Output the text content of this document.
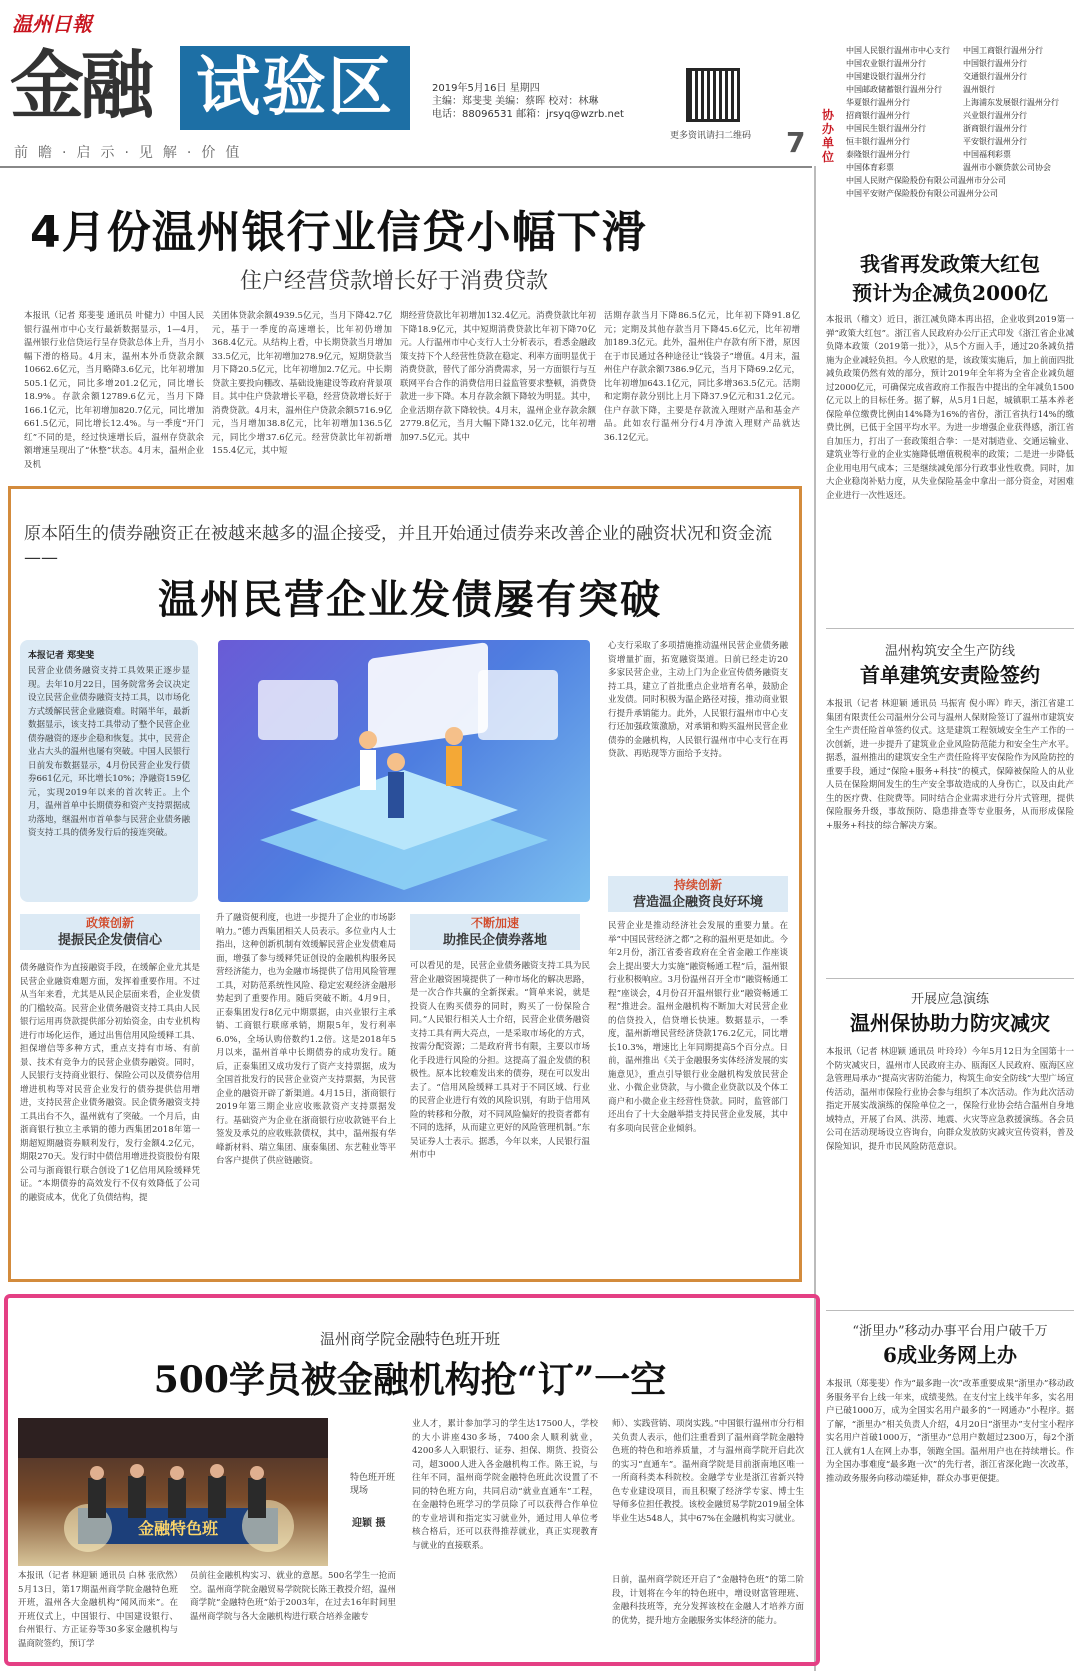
温州日報
金融 试验区
前瞻·启示·见解·价值
2019年5月16日 星期四
主编：郑斐斐 美编：蔡晖 校对：林琳
电话：88096531 邮箱：jrsyq@wzrb.net
更多资讯请扫二维码 7
协办单位
中国人民银行温州市中心支行	中国工商银行温州分行
中国农业银行温州分行	中国银行温州分行
中国建设银行温州分行	交通银行温州分行
中国邮政储蓄银行温州分行	温州银行
华夏银行温州分行	上海浦东发展银行温州分行
招商银行温州分行	兴业银行温州分行
中国民生银行温州分行	浙商银行温州分行
恒丰银行温州分行	平安银行温州分行
泰隆银行温州分行	中国福利彩票
中国体育彩票	温州市小额贷款公司协会
中国人民财产保险股份有限公司温州市分公司
中国平安财产保险股份有限公司温州分公司
4月份温州银行业信贷小幅下滑
住户经营贷款增长好于消费贷款
本报讯（记者 郑斐斐 通讯员 叶健力）中国人民银行温州市中心支行最新数据显示，1—4月，温州银行业信贷运行呈存贷款总体上升，当月小幅下滑的格局。4月末，温州本外币贷款余额10662.6亿元，当月略降3.6亿元，比年初增加505.1亿元，同比多增201.2亿元，同比增长18.9%。存款余额12789.6亿元，当月下降166.1亿元，比年初增加820.7亿元，同比增加661.5亿元，同比增长12.4%。与一季度“开门红”不同的是，经过快速增长后，温州存贷款余额增速呈现出了“休整”状态。4月末，温州企业及机
关团体贷款余额4939.5亿元，当月下降42.7亿元，基于一季度的高速增长，比年初仍增加368.4亿元。从结构上看，中长期贷款当月增加33.5亿元，比年初增加278.9亿元，短期贷款当月下降20.5亿元，比年初增加2.7亿元。中长期贷款主要投向棚改、基础设施建设等政府背景项目。其中住户贷款增长平稳，经营贷款增长好于消费贷款。4月末，温州住户贷款余额5716.9亿元，当月增加38.8亿元，比年初增加136.5亿元，同比少增37.6亿元。经营贷款比年初新增155.4亿元，其中短
期经营贷款比年初增加132.4亿元。消费贷款比年初下降18.9亿元，其中短期消费贷款比年初下降70亿元。人行温州市中心支行人士分析表示，看悉金融政策支持下个人经营性贷款在稳定、利率方面明显优于消费贷款，替代了部分消费需求，另一方面银行与互联网平台合作的消费信用日益监管要求整顿，消费贷款进一步下降。本月存款余额下降较为明显。其中，企业活期存款下降较快。4月末，温州企业存款余额2779.8亿元，当月大幅下降132.0亿元，比年初增加97.5亿元。其中
活期存款当月下降86.5亿元，比年初下降91.8亿元；定期及其他存款当月下降45.6亿元，比年初增加189.3亿元。此外，温州住户存款有所下滑，原因在于市民通过各种途径让“钱袋子”增值。4月末，温州住户存款余额7386.9亿元，当月下降69.2亿元，比年初增加643.1亿元，同比多增363.5亿元。活期和定期存款分别比上月下降37.9亿元和31.2亿元。住户存款下降，主要是存款流入理财产品和基金产品。此如农行温州分行4月净流入理财产品就达36.12亿元。
原本陌生的债券融资正在被越来越多的温企接受，并且开始通过债券来改善企业的融资状况和资金流——
温州民营企业发债屡有突破
本报记者 郑斐斐
民营企业债务融资支持工具效果正逐步显现。去年10月22日，国务院常务会议决定设立民营企业债券融资支持工具，以市场化方式缓解民营企业融资难。时隔半年，最新数据显示，该支持工具带动了整个民营企业债券融资的逐步企稳和恢复。其中，民营企业占大头的温州也屡有突破。中国人民银行日前发布数据显示，4月份民营企业发行债券661亿元，环比增长10%；净融资159亿元，实现2019年以来的首次转正。上个月，温州首单中长期债券和资产支持票据成功落地，继温州市首单参与民营企业债务融资支持工具的债务发行后的接连突破。
政策创新
提振民企发债信心
债务融资作为直接融资手段，在缓解企业尤其是民营企业融资难题方面，发挥着重要作用。不过从当年来看，尤其是从民企层面来看，企业发债的门槛较高。民营企业债务融资支持工具由人民银行运用再贷款提供部分初始资金，由专业机构进行市场化运作，通过出售信用风险缓释工具、担保增信等多种方式，重点支持有市场、有前景、技术有竞争力的民营企业债券融资。同时，人民银行支持商业银行、保险公司以及债券信用增进机构等对民营企业发行的债券提供信用增进，支持民营企业债务融资。民企债务融资支持工具出台不久，温州就有了突破。一个月后，由浙商银行独立主承销的德力西集团2018年第一期超短期融资券顺利发行，发行金额4.2亿元，期限270天。发行时中债信用增进投资股份有限公司与浙商银行联合创设了1亿信用风险缓释凭证。“本期债券的高效发行不仅有效降低了公司的融资成本，优化了负债结构，提
升了融资便利度，也进一步提升了企业的市场影响力。”德力西集团相关人员表示。多位业内人士指出，这种创新机制有效缓解民营企业发债难局面，增强了参与缓释凭证创设的金融机构服务民营经济能力，也为金融市场提供了信用风险管理工具，对防范系统性风险、稳定宏观经济金融形势起到了重要作用。随后突破不断。4月9日，正泰集团发行8亿元中期票据，由兴业银行主承销、工商银行联席承销，期限5年，发行利率6.0%，全场认购倍数约1.2倍。这是2018年5月以来，温州首单中长期债券的成功发行。随后，正泰集团又成功发行了资产支持票据，成为全国首批发行的民营企业资产支持票据，为民营企业的融资开辟了新渠道。4月15日，浙商银行2019年第三期企业应收账款资产支持票据发行。基础资产为企业在浙商银行应收款链平台上签发及承兑的应收账款债权，其中，温州报有华峰新材料、瑞立集团、康泰集团、东艺鞋业等平台客户提供了供应链融资。
不断加速
助推民企债券落地
可以看见的是，民营企业债务融资支持工具为民营企业融资困境提供了一种市场化的解决思路，是一次合作共赢的全新探索。“简单来说，就是投资人在购买债券的同时，购买了一份保险合同。”人民银行相关人士介绍，民营企业债务融资支持工具有两大亮点，一是采取市场化的方式，按需分配资源；二是政府背书有限，主要以市场化手段进行风险的分担。这提高了温企发债的积极性。原本比较难发出来的债券，现在可以发出去了。“信用风险缓释工具对于不同区域、行业的民营企业进行有效的风险识别，有助于信用风险的转移和分散，对不同风险偏好的投资者都有不同的选择，从而建立更好的风险管理机制。”东吴证券人士表示。据悉，今年以来，人民银行温州市中
心支行采取了多项措施推动温州民营企业债务融资增量扩面，拓宽融资渠道。日前已经走访20多家民营企业，主动上门为企业宣传债务融资支持工具，建立了首批重点企业培育名单，鼓励企业发债。同时积极为温企路径对接，推动商业银行提升承销能力。此外，人民银行温州市中心支行还加强政策激励，对承销和购买温州民营企业债券的金融机构，人民银行温州市中心支行在再贷款、再贴现等方面给予支持。
持续创新
营造温企融资良好环境
民营企业是推动经济社会发展的重要力量。在举“中国民营经济之都”之称的温州更是如此。今年2月份，浙江省委省政府在全省金融工作座谈会上提出要大力实施“融资畅通工程”后，温州银行业积极响应。3月份温州召开全市“融资畅通工程”座谈会，4月份召开温州银行业“融资畅通工程”推进会。温州金融机构不断加大对民营企业的信贷投入，信贷增长快速。数据显示，一季度，温州新增民营经济贷款176.2亿元，同比增长10.3%，增速比上年同期提高5个百分点。日前，温州推出《关于金融服务实体经济发展的实施意见》，重点引导银行业金融机构发放民营企业、小微企业贷款，与小微企业贷款以及个体工商户和小微企业主经营性贷款。同时，监管部门还出台了十大金融举措支持民营企业发展，其中有多项向民营企业倾斜。
温州商学院金融特色班开班
500学员被金融机构抢“订”一空
金融特色班
特色班开班现场
迎颖 摄
本报讯（记者 林迎颖 通讯员 白林 张欣然）5月13日，第17期温州商学院金融特色班开班，温州各大金融机构“闻风而来”。在开班仪式上，中国银行、中国建设银行、台州银行、方正证券等30多家金融机构与温商院签约，预订学
员前往金融机构实习、就业的意愿。500名学生一抢而空。温州商学院金融贸易学院院长陈王教授介绍，温州商学院“金融特色班”始于2003年，在过去16年时间里温州商学院与各大金融机构进行联合培养金融专
业人才，累计参加学习的学生达17500人，学校的大小讲座430多场，7400余人顺利就业，4200多人入职银行、证券、担保、期货、投资公司，超3000人进入各金融机构工作。陈王说，与往年不同，温州商学院金融特色班此次设置了不同的特色班方向，共同启动“就业直通车”工程，在金融特色班学习的学员除了可以获得合作单位的专业培训和指定实习就业外，通过用人单位考核合格后，还可以获得推荐就业，真正实现教育与就业的直接联系。
师）、实践营销、项岗实践。”中国银行温州市分行相关负责人表示，他们注重看到了温州商学院金融特色班的特色和培养质量，才与温州商学院开启此次的实习“直通车”。温州商学院是目前浙南地区唯一一所商科类本科院校。金融学专业是浙江省新兴特色专业建设项目，而且积聚了经济学专家、博士生导师多位担任教授。该校金融贸易学院2019届全体毕业生达548人，其中67%在金融机构实习就业。
日前，温州商学院还开启了“金融特色班”的第二阶段，计划将在今年的特色班中，增设财富管理班、金融科技班等，充分发挥该校在金融人才培养方面的优势，提升地方金融服务实体经济的能力。
我省再发政策大红包
预计为企减负2000亿
本报讯（稽文）近日，浙江减负降本再出招，企业收到2019第一弹“政策大红包”。浙江省人民政府办公厅正式印发《浙江省企业减负降本政策（2019第一批）》，从5个方面入手，通过20条减负措施为企业减轻负担。今人欣慰的是，该政策实施后，加上前面四批减负政策仍然有效的部分，预计2019年全年将为全省企业减负超过2000亿元，可确保完成省政府工作报告中提出的全年减负1500亿元以上的目标任务。据了解，从5月1日起，城镇职工基本养老保险单位缴费比例由14%降为16%的省份，浙江省执行14%的缴费比例，已低于全国平均水平。为进一步增强企业获得感，浙江省自加压力，打出了一套政策组合拳：一是对制造业、交通运输业、建筑业等行业的企业实施降低增值税税率的政策；二是进一步降低企业用电用气成本；三是继续减免部分行政事业性收费。同时，加大企业稳岗补贴力度，从失业保险基金中拿出一部分资金，对困难企业进行一次性返还。
温州构筑安全生产防线
首单建筑安责险签约
本报讯（记者 林迎颖 通讯员 马振宵 倪小晖）昨天，浙江省建工集团有限责任公司温州分公司与温州人保财险签订了温州市建筑安全生产责任险首单签约仪式。这是建筑工程领域安全生产工作的一次创新，进一步提升了建筑业企业风险防范能力和安全生产水平。据悉，温州推出的建筑安全生产责任险将平安保险作为风险防控的重要手段，通过“保险+服务+科技”的模式，保障被保险人的从业人员在保险期间发生的生产安全事故造成的人身伤亡，以及由此产生的医疗费、住院费等。同时结合企业需求进行分片式管理，提供保险服务升级，事故预防、隐患排查等专业服务，从而形成保险+服务+科技的综合解决方案。
开展应急演练
温州保协助力防灾减灾
本报讯（记者 林迎颖 通讯员 叶玲玲）今年5月12日为全国第十一个防灾减灾日，温州市人民政府主办、瓯海区人民政府、瓯海区应急管理局承办“提高灾害防治能力，构筑生命安全防线”大型广场宣传活动，温州市保险行业协会参与组织了本次活动。作为此次活动指定开展实战演练的保险单位之一，保险行业协会结合温州自身地域特点，开展了台风、洪涝、地震、火灾等应急救援演练。各会员公司在活动现场设立咨询台，向群众发放防灾减灾宣传资料，普及保险知识，提升市民风险防范意识。
“浙里办”移动办事平台用户破千万
6成业务网上办
本报讯（郑斐斐）作为“最多跑一次”改革重要成果“浙里办”移动政务服务平台上线一年来，成绩斐然。在支付宝上线半年多，实名用户已破1000万，成为全国实名用户最多的“一网通办”小程序。据了解，“浙里办”相关负责人介绍，4月20日“浙里办”支付宝小程序实名用户首破1000万，“浙里办”总用户数超过2300万，每2个浙江人就有1人在网上办事，领跑全国。温州用户也在持续增长。作为全国办事难度“最多跑一次”的先行者，浙江省深化跑一次改革，推动政务服务向移动端延伸，群众办事更便捷。
